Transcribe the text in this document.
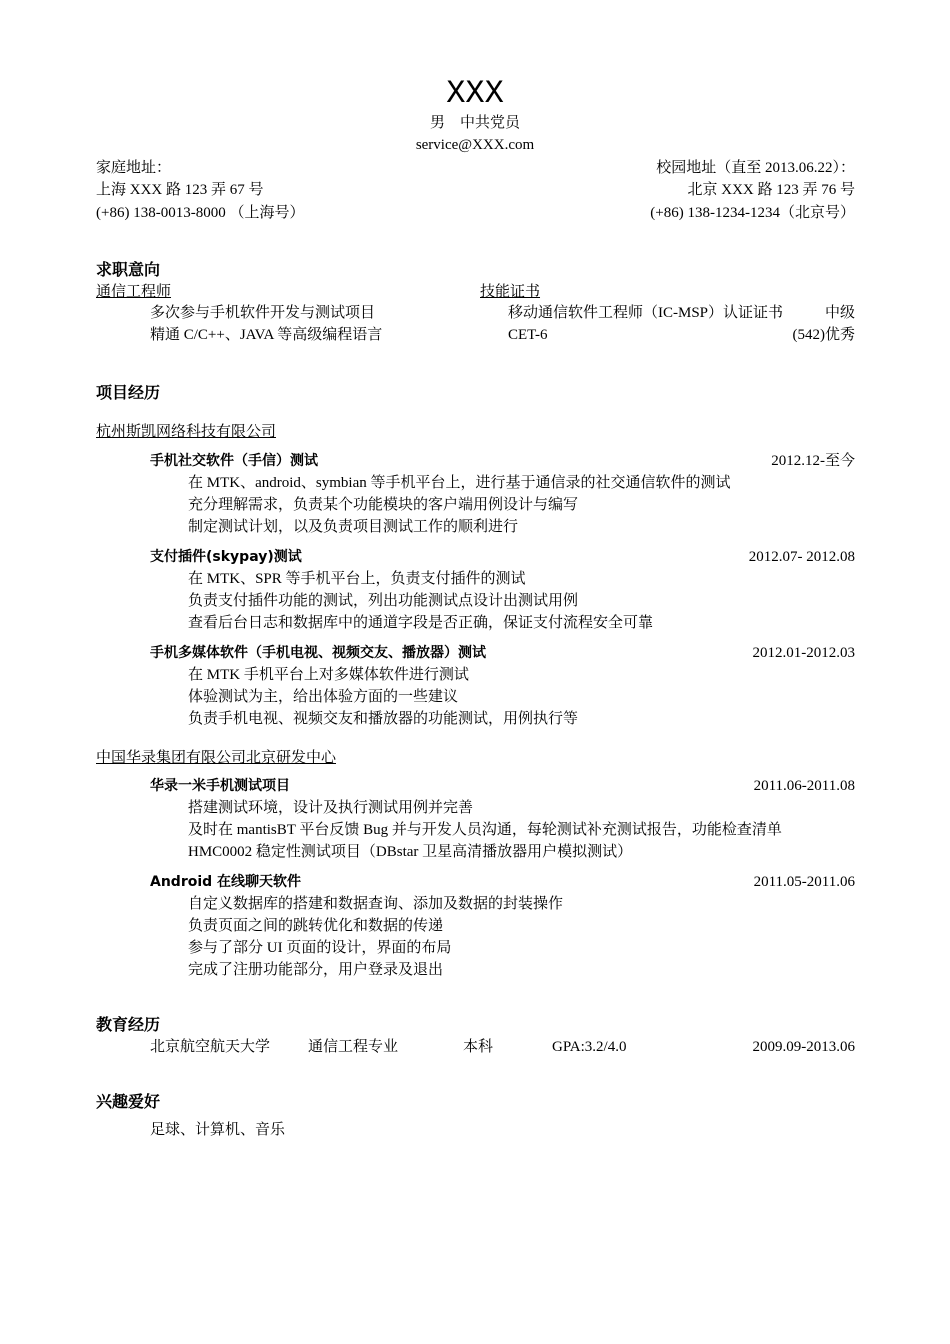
XXX
男　中共党员
service@XXX.com
家庭地址：
上海 XXX 路 123 弄 67 号
(+86) 138-0013-8000 （上海号）
校园地址（直至 2013.06.22）：
北京 XXX 路 123 弄 76 号
(+86) 138-1234-1234（北京号）
求职意向
通信工程师
多次参与手机软件开发与测试项目
精通 C/C++、JAVA 等高级编程语言
技能证书
移动通信软件工程师（IC-MSP）认证证书	中级
CET-6	(542)优秀
项目经历
杭州斯凯网络科技有限公司
手机社交软件（手信）测试	2012.12-至今
在 MTK、android、symbian 等手机平台上，进行基于通信录的社交通信软件的测试
充分理解需求，负责某个功能模块的客户端用例设计与编写
制定测试计划，以及负责项目测试工作的顺利进行
支付插件(skypay)测试	2012.07- 2012.08
在 MTK、SPR 等手机平台上，负责支付插件的测试
负责支付插件功能的测试，列出功能测试点设计出测试用例
查看后台日志和数据库中的通道字段是否正确，保证支付流程安全可靠
手机多媒体软件（手机电视、视频交友、播放器）测试	2012.01-2012.03
在 MTK 手机平台上对多媒体软件进行测试
体验测试为主，给出体验方面的一些建议
负责手机电视、视频交友和播放器的功能测试，用例执行等
中国华录集团有限公司北京研发中心
华录一米手机测试项目	2011.06-2011.08
搭建测试环境，设计及执行测试用例并完善
及时在 mantisBT 平台反馈 Bug 并与开发人员沟通，每轮测试补充测试报告，功能检查清单
HMC0002 稳定性测试项目（DBstar 卫星高清播放器用户模拟测试）
Android 在线聊天软件	2011.05-2011.06
自定义数据库的搭建和数据查询、添加及数据的封装操作
负责页面之间的跳转优化和数据的传递
参与了部分 UI 页面的设计，界面的布局
完成了注册功能部分，用户登录及退出
教育经历
北京航空航天大学	通信工程专业	本科	GPA:3.2/4.0	2009.09-2013.06
兴趣爱好
足球、计算机、音乐
